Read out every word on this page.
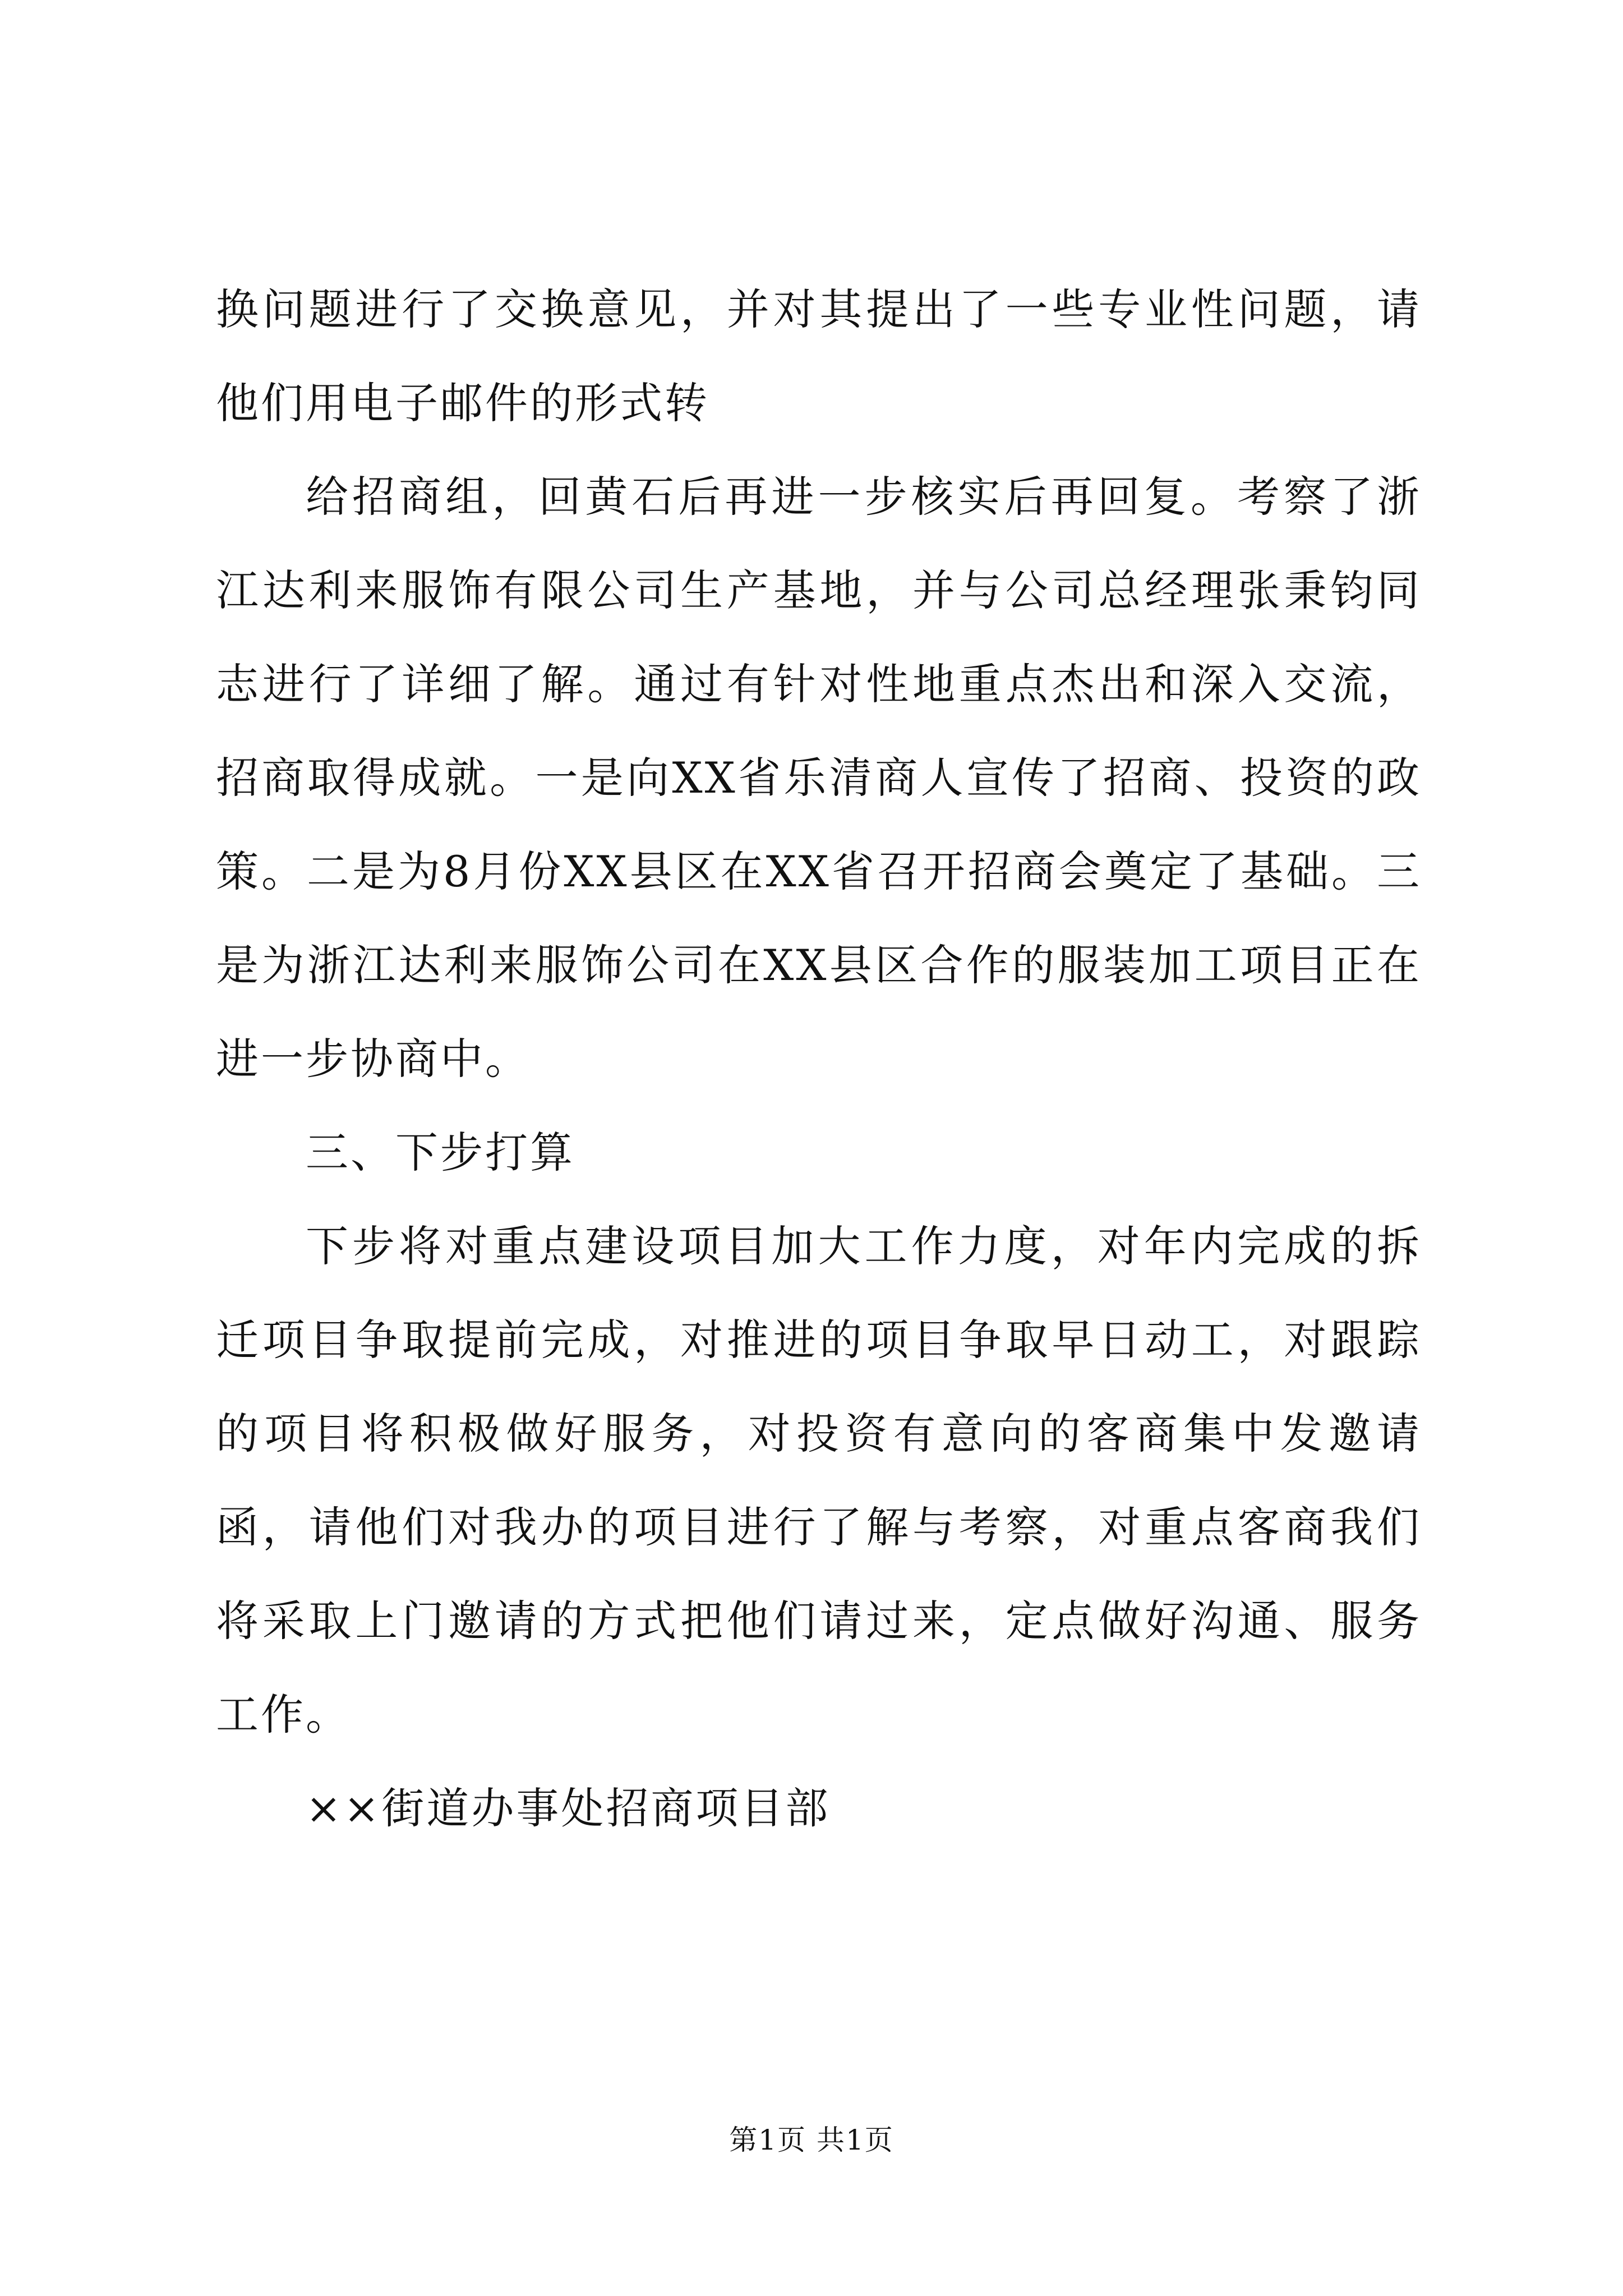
换问题进行了交换意见，并对其提出了一些专业性问题，请他们用电子邮件的形式转

给招商组，回黄石后再进一步核实后再回复。考察了浙江达利来服饰有限公司生产基地，并与公司总经理张秉钧同志进行了详细了解。通过有针对性地重点杰出和深入交流，招商取得成就。一是向XX省乐清商人宣传了招商、投资的政策。二是为8月份XX县区在XX省召开招商会奠定了基础。三是为浙江达利来服饰公司在XX县区合作的服装加工项目正在进一步协商中。

三、下步打算

下步将对重点建设项目加大工作力度，对年内完成的拆迁项目争取提前完成，对推进的项目争取早日动工，对跟踪的项目将积极做好服务，对投资有意向的客商集中发邀请函，请他们对我办的项目进行了解与考察，对重点客商我们将采取上门邀请的方式把他们请过来，定点做好沟通、服务工作。

××街道办事处招商项目部

第1页 共1页
